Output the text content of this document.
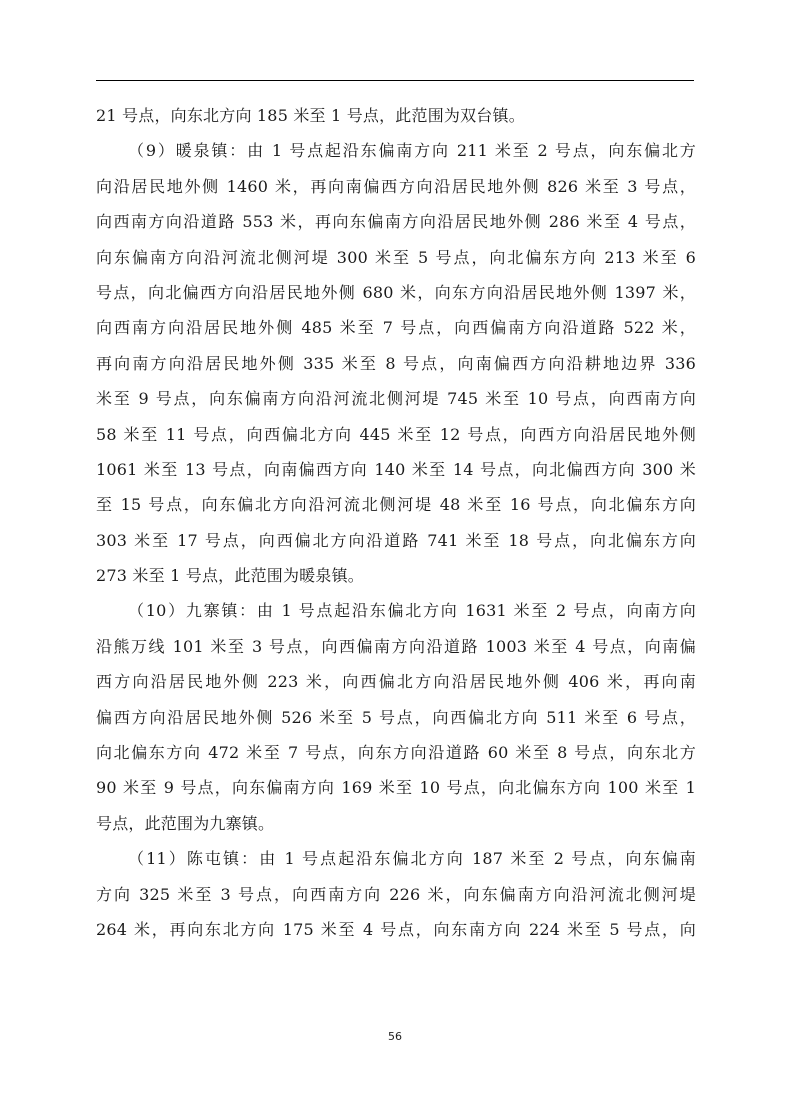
21 号点，向东北方向 185 米至 1 号点，此范围为双台镇。
（9）暖泉镇：由 1 号点起沿东偏南方向 211 米至 2 号点，向东偏北方
向沿居民地外侧 1460 米，再向南偏西方向沿居民地外侧 826 米至 3 号点，
向西南方向沿道路 553 米，再向东偏南方向沿居民地外侧 286 米至 4 号点，
向东偏南方向沿河流北侧河堤 300 米至 5 号点，向北偏东方向 213 米至 6
号点，向北偏西方向沿居民地外侧 680 米，向东方向沿居民地外侧 1397 米，
向西南方向沿居民地外侧 485 米至 7 号点，向西偏南方向沿道路 522 米，
再向南方向沿居民地外侧 335 米至 8 号点，向南偏西方向沿耕地边界 336
米至 9 号点，向东偏南方向沿河流北侧河堤 745 米至 10 号点，向西南方向
58 米至 11 号点，向西偏北方向 445 米至 12 号点，向西方向沿居民地外侧
1061 米至 13 号点，向南偏西方向 140 米至 14 号点，向北偏西方向 300 米
至 15 号点，向东偏北方向沿河流北侧河堤 48 米至 16 号点，向北偏东方向
303 米至 17 号点，向西偏北方向沿道路 741 米至 18 号点，向北偏东方向
273 米至 1 号点，此范围为暖泉镇。
（10）九寨镇：由 1 号点起沿东偏北方向 1631 米至 2 号点，向南方向
沿熊万线 101 米至 3 号点，向西偏南方向沿道路 1003 米至 4 号点，向南偏
西方向沿居民地外侧 223 米，向西偏北方向沿居民地外侧 406 米，再向南
偏西方向沿居民地外侧 526 米至 5 号点，向西偏北方向 511 米至 6 号点，
向北偏东方向 472 米至 7 号点，向东方向沿道路 60 米至 8 号点，向东北方
90 米至 9 号点，向东偏南方向 169 米至 10 号点，向北偏东方向 100 米至 1
号点，此范围为九寨镇。
（11）陈屯镇：由 1 号点起沿东偏北方向 187 米至 2 号点，向东偏南
方向 325 米至 3 号点，向西南方向 226 米，向东偏南方向沿河流北侧河堤
264 米，再向东北方向 175 米至 4 号点，向东南方向 224 米至 5 号点，向
56
